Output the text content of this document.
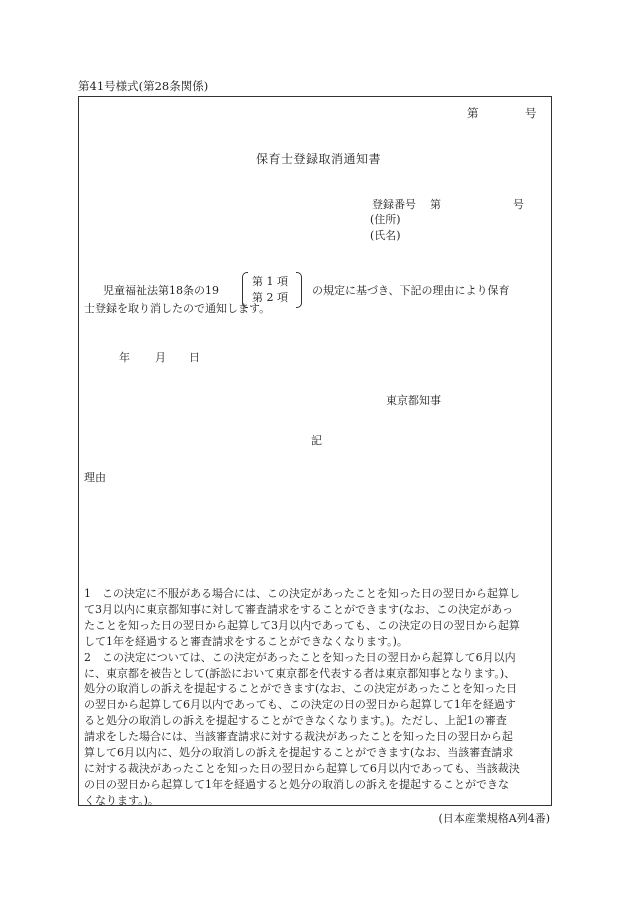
第41号様式(第28条関係)
第	号
保育士登録取消通知書
登録番号 第	号
(住所)
(氏名)
児童福祉法第18条の19
第 1 項
第 2 項
の規定に基づき、下記の理由により保育
士登録を取り消したので通知します。
年 月 日
東京都知事
記
理由
1　この決定に不服がある場合には、この決定があったことを知った日の翌日から起算し
て3月以内に東京都知事に対して審査請求をすることができます(なお、この決定があっ
たことを知った日の翌日から起算して3月以内であっても、この決定の日の翌日から起算
して1年を経過すると審査請求をすることができなくなります。)。
2　この決定については、この決定があったことを知った日の翌日から起算して6月以内
に、東京都を被告として(訴訟において東京都を代表する者は東京都知事となります。)、
処分の取消しの訴えを提起することができます(なお、この決定があったことを知った日
の翌日から起算して6月以内であっても、この決定の日の翌日から起算して1年を経過す
ると処分の取消しの訴えを提起することができなくなります。)。ただし、上記1の審査
請求をした場合には、当該審査請求に対する裁決があったことを知った日の翌日から起
算して6月以内に、処分の取消しの訴えを提起することができます(なお、当該審査請求
に対する裁決があったことを知った日の翌日から起算して6月以内であっても、当該裁決
の日の翌日から起算して1年を経過すると処分の取消しの訴えを提起することができな
くなります。)。
(日本産業規格A列4番)
